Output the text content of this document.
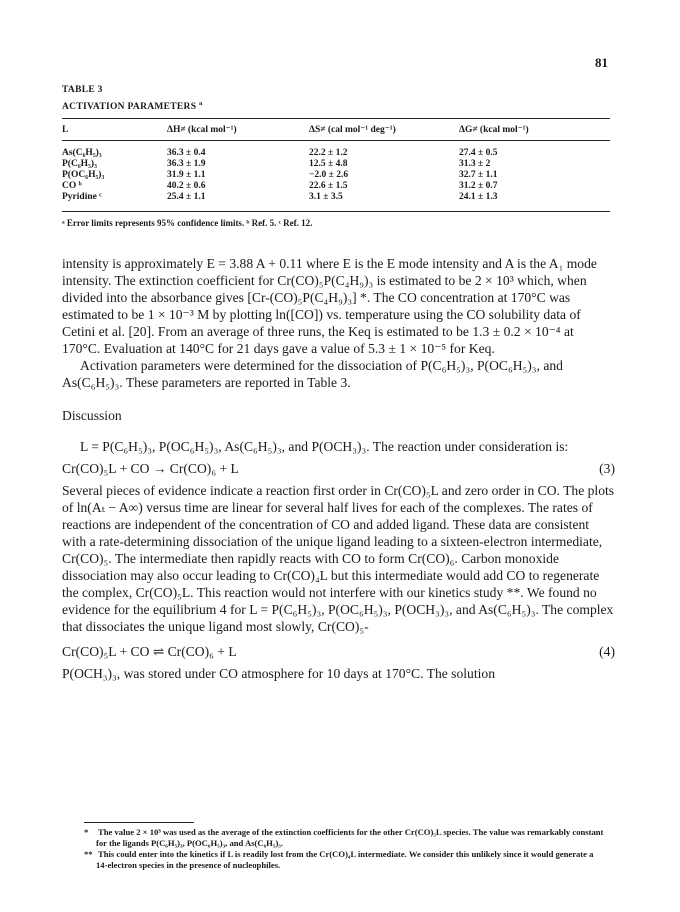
81

TABLE 3

ACTIVATION PARAMETERS $^a$

L	ΔH≠ (kcal mol⁻¹)	ΔS≠ (cal mol⁻¹ deg⁻¹)	ΔG≠ (kcal mol⁻¹)
As(C₆H₅)₃	36.3 ± 0.4	22.2 ± 1.2	27.4 ± 0.5
P(C₆H₅)₃	36.3 ± 1.9	12.5 ± 4.8	31.3 ± 2
P(OC₆H₅)₃	31.9 ± 1.1	−2.0 ± 2.6	32.7 ± 1.1
CO ᵇ	40.2 ± 0.6	22.6 ± 1.5	31.2 ± 0.7
Pyridine ᶜ	25.4 ± 1.1	3.1 ± 3.5	24.1 ± 1.3

ᵃ Error limits represents 95% confidence limits. ᵇ Ref. 5. ᶜ Ref. 12.

intensity is approximately E = 3.88 A + 0.11 where E is the E mode intensity and A is the A₁ mode intensity. The extinction coefficient for Cr(CO)₅P(C₄H₉)₃ is estimated to be 2 × 10³ which, when divided into the absorbance gives [Cr-(CO)₅P(C₄H₉)₃] *. The CO concentration at 170°C was estimated to be 1 × 10⁻³ M by plotting ln([CO]) vs. temperature using the CO solubility data of Cetini et al. [20]. From an average of three runs, the Keq is estimated to be 1.3 ± 0.2 × 10⁻⁴ at 170°C. Evaluation at 140°C for 21 days gave a value of 5.3 ± 1 × 10⁻⁵ for Keq.

Activation parameters were determined for the dissociation of P(C₆H₅)₃, P(OC₆H₅)₃, and As(C₆H₅)₃. These parameters are reported in Table 3.

Discussion

L = P(C₆H₅)₃, P(OC₆H₅)₃, As(C₆H₅)₃, and P(OCH₃)₃. The reaction under consideration is:

Cr(CO)₅L + CO → Cr(CO)₆ + L	(3)

Several pieces of evidence indicate a reaction first order in Cr(CO)₅L and zero order in CO. The plots of ln(Aₜ − A∞) versus time are linear for several half lives for each of the complexes. The rates of reactions are independent of the concentration of CO and added ligand. These data are consistent with a rate-determining dissociation of the unique ligand leading to a sixteen-electron intermediate, Cr(CO)₅. The intermediate then rapidly reacts with CO to form Cr(CO)₆. Carbon monoxide dissociation may also occur leading to Cr(CO)₄L but this intermediate would add CO to regenerate the complex, Cr(CO)₅L. This reaction would not interfere with our kinetics study **. We found no evidence for the equilibrium 4 for L = P(C₆H₅)₃, P(OC₆H₅)₃, P(OCH₃)₃, and As(C₆H₅)₃. The complex that dissociates the unique ligand most slowly, Cr(CO)₅-

Cr(CO)₅L + CO ⇌ Cr(CO)₆ + L	(4)

P(OCH₃)₃, was stored under CO atmosphere for 10 days at 170°C. The solution

* The value 2 × 10³ was used as the average of the extinction coefficients for the other Cr(CO)₅L species. The value was remarkably constant for the ligands P(C₆H₅)₃, P(OC₆H₅)₃, and As(C₆H₅)₃.

** This could enter into the kinetics if L is readily lost from the Cr(CO)₄L intermediate. We consider this unlikely since it would generate a 14-electron species in the presence of nucleophiles.
